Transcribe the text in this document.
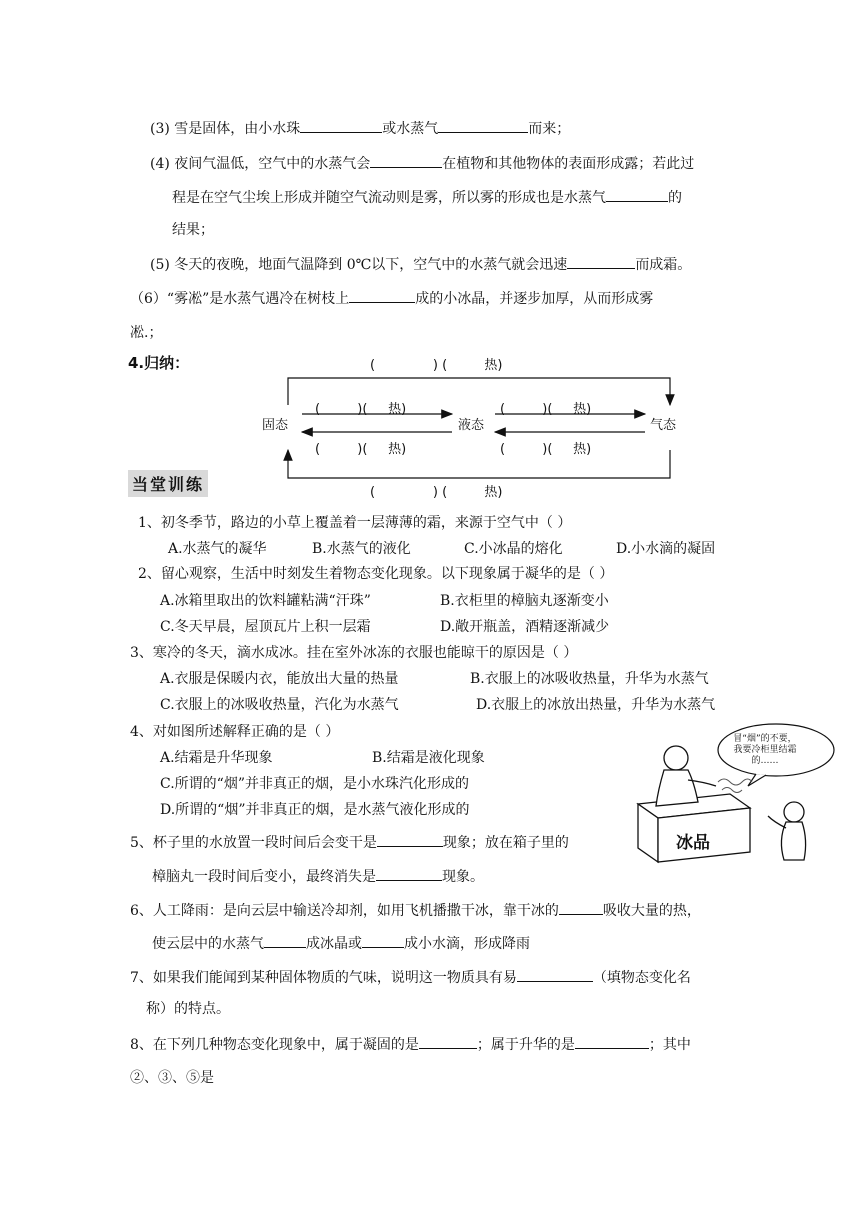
(3) 雪是固体，由小水珠	或水蒸气	而来；
(4) 夜间气温低，空气中的水蒸气会	在植物和其他物体的表面形成露；若此过
程是在空气尘埃上形成并随空气流动则是雾，所以雾的形成也是水蒸气	的
结果；
(5) 冬天的夜晚，地面气温降到 0℃以下，空气中的水蒸气就会迅速	而成霜。
（6）“雾凇”是水蒸气遇冷在树枝上	成的小冰晶，并逐步加厚，从而形成雾
凇.；
4.归纳：
固态	液态	气态
(              ) (         热)
(              ) (         热)
(         )(     热)
(         )(     热)
(         )(     热)
(         )(     热)
当堂训练
1、初冬季节，路边的小草上覆盖着一层薄薄的霜，来源于空气中（ ）
A.水蒸气的凝华	B.水蒸气的液化	C.小冰晶的熔化	D.小水滴的凝固
2、留心观察，生活中时刻发生着物态变化现象。以下现象属于凝华的是（ ）
A.冰箱里取出的饮料罐粘满“汗珠”	B.衣柜里的樟脑丸逐渐变小
C.冬天早晨，屋顶瓦片上积一层霜	D.敞开瓶盖，酒精逐渐减少
3、寒冷的冬天，滴水成冰。挂在室外冰冻的衣服也能晾干的原因是（ ）
A.衣服是保暖内衣，能放出大量的热量	B.衣服上的冰吸收热量，升华为水蒸气
C.衣服上的冰吸收热量，汽化为水蒸气	D.衣服上的冰放出热量，升华为水蒸气
4、对如图所述解释正确的是（ ）
A.结霜是升华现象	B.结霜是液化现象
C.所谓的“烟”并非真正的烟，是小水珠汽化形成的
D.所谓的“烟”并非真正的烟，是水蒸气液化形成的
冒“烟”的不要，我要冷柜里结霜的……
冰品
5、杯子里的水放置一段时间后会变干是	现象；放在箱子里的
樟脑丸一段时间后变小，最终消失是	现象。
6、人工降雨：是向云层中输送冷却剂，如用飞机播撒干冰，靠干冰的	吸收大量的热，
使云层中的水蒸气	成冰晶或	成小水滴，形成降雨
7、如果我们能闻到某种固体物质的气味，说明这一物质具有易	（填物态变化名
称）的特点。
8、在下列几种物态变化现象中，属于凝固的是	；属于升华的是	；其中
②、③、⑤是
